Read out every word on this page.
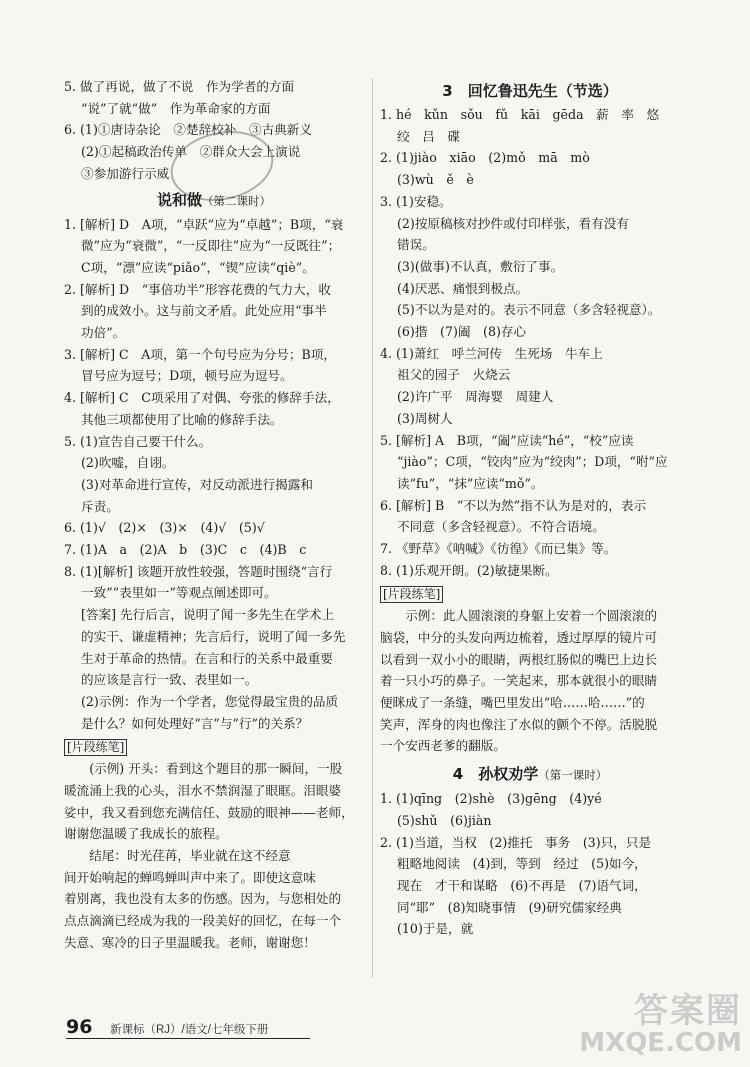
5. 做了再说，做了不说　作为学者的方面
“说”了就“做”　作为革命家的方面
6. (1)①唐诗杂论　②楚辞校补　③古典新义
(2)①起稿政治传单　②群众大会上演说
③参加游行示威
说和做（第二课时）
1. [解析] D　A项，“卓跃”应为“卓越”；B项，“衰
微”应为“衰微”，“一反即往”应为“一反既往”；
C项，“漂”应读“piǎo”，“锲”应读“qiè”。
2. [解析] D　“事倍功半”形容花费的气力大，收
到的成效小。这与前文矛盾。此处应用“事半
功倍”。
3. [解析] C　A项，第一个句号应为分号；B项，
冒号应为逗号；D项，顿号应为逗号。
4. [解析] C　C项采用了对偶、夸张的修辞手法，
其他三项都使用了比喻的修辞手法。
5. (1)宣告自己要干什么。
(2)吹嘘，自诩。
(3)对革命进行宣传，对反动派进行揭露和
斥责。
6. (1)√　(2)×　(3)×　(4)√　(5)√
7. (1)A　a　(2)A　b　(3)C　c　(4)B　c
8. (1)[解析] 该题开放性较强，答题时围绕“言行
一致”“表里如一”等观点阐述即可。
[答案] 先行后言，说明了闻一多先生在学术上
的实干、谦虚精神；先言后行，说明了闻一多先
生对于革命的热情。在言和行的关系中最重要
的应该是言行一致、表里如一。
(2)示例：作为一个学者，您觉得最宝贵的品质
是什么？如何处理好“言”与“行”的关系？
[片段练笔]
(示例) 开头：看到这个题目的那一瞬间，一股
暖流涌上我的心头，泪水不禁润湿了眼眶。泪眼婆
娑中，我又看到您充满信任、鼓励的眼神——老师，
谢谢您温暖了我成长的旅程。
结尾：时光荏苒，毕业就在这不经意
间开始响起的蝉鸣蝉叫声中来了。即使这意味
着别离，我也没有太多的伤感。因为，与您相处的
点点滴滴已经成为我的一段美好的回忆，在每一个
失意、寒冷的日子里温暖我。老师，谢谢您！
3　回忆鲁迅先生（节选）
1. hé　kǔn　sǒu　fǔ　kāi　gēda　薪　率　悠
绞　吕　碟
2. (1)jiào　xiāo　(2)mǒ　mā　mò
(3)wù　ě　è
3. (1)安稳。
(2)按原稿核对抄件或付印样张，看有没有
错误。
(3)(做事)不认真，敷衍了事。
(4)厌恶、痛恨到极点。
(5)不以为是对的。表示不同意（多含轻视意）。
(6)揩　(7)阖　(8)存心
4. (1)萧红　呼兰河传　生死场　牛车上
祖父的园子　火烧云
(2)许广平　周海婴　周建人
(3)周树人
5. [解析] A　B项，“阖”应读“hé”，“校”应读
“jiào”；C项，“铰肉”应为“绞肉”；D项，“咐”应
读“fu”，“抹”应读“mǒ”。
6. [解析] B　“不以为然”指不认为是对的，表示
不同意（多含轻视意）。不符合语境。
7. 《野草》《呐喊》《彷徨》《而已集》等。
8. (1)乐观开朗。(2)敏捷果断。
[片段练笔]
示例：此人圆滚滚的身躯上安着一个圆滚滚的
脑袋，中分的头发向两边梳着，透过厚厚的镜片可
以看到一双小小的眼睛，两根红肠似的嘴巴上边长
着一只小巧的鼻子。一笑起来，那本就很小的眼睛
便眯成了一条缝，嘴巴里发出“哈……哈……”的
笑声，浑身的肉也像注了水似的颤个不停。活脱脱
一个安西老爹的翻版。
4　孙权劝学（第一课时）
1. (1)qīng　(2)shè　(3)gēng　(4)yé
(5)shǔ　(6)jiàn
2. (1)当道，当权　(2)推托　事务　(3)只，只是
粗略地阅读　(4)到，等到　经过　(5)如今，
现在　才干和谋略　(6)不再是　(7)语气词，
同“耶”　(8)知晓事情　(9)研究儒家经典
(10)于是，就
96 新课标（RJ）/语文/七年级下册	答案圈
MXQE.COM
